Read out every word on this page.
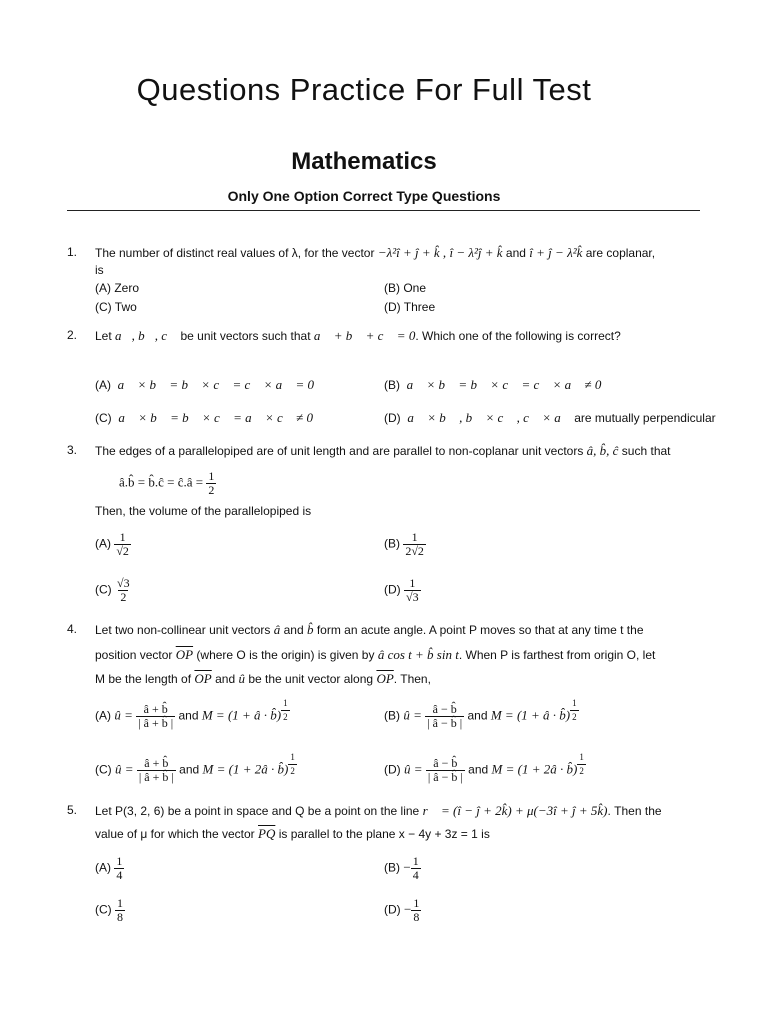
Questions Practice For Full Test
Mathematics
Only One Option Correct Type Questions
1. The number of distinct real values of λ, for the vector −λ²î + ĵ + k̂ , î − λ²ĵ + k̂ and î + ĵ − λ²k̂ are coplanar,
is
(A) Zero	(B) One
(C) Two	(D) Three
2. Let a⃗, b⃗, c⃗ be unit vectors such that a⃗ + b⃗ + c⃗ = 0. Which one of the following is correct?
(A) a⃗ × b⃗ = b⃗ × c⃗ = c⃗ × a⃗ = 0	(B) a⃗ × b⃗ = b⃗ × c⃗ = c⃗ × a⃗ ≠ 0
(C) a⃗ × b⃗ = b⃗ × c⃗ = a⃗ × c⃗ ≠ 0	(D) a⃗ × b⃗ , b⃗ × c⃗ , c⃗ × a⃗ are mutually perpendicular
3. The edges of a parallelopiped are of unit length and are parallel to non-coplanar unit vectors â, b̂, ĉ such that
â.b̂ = b̂.ĉ = ĉ.â = $\frac{1}{2}$
Then, the volume of the parallelopiped is
$(A) \frac{1}{√2}$	$(B) \frac{1}{2√2}$
$(C) \frac{√3}{2}$	$(D) \frac{1}{√3}$
4. Let two non-collinear unit vectors â and b̂ form an acute angle. A point P moves so that at any time t the
position vector $\overline{OP}$ (where O is the origin) is given by â cos t + b̂ sin t. When P is farthest from origin O, let
M be the length of $\overline{OP}$ and û be the unit vector along $\overline{OP}$. Then,
(A) û = $\frac{â + b̂}{| â + b̂ |}$ and M = (1 + â · b̂) $\frac{1}{2}$	(B) û = $\frac{â - b̂}{| â - b̂ |}$ and M = (1 + â · b̂) $\frac{1}{2}$
(C) û = $\frac{â + b̂}{| â + b̂ |}$ and M = (1 + 2â · b̂) $\frac{1}{2}$	(D) û = $\frac{â - b̂}{| â - b̂ |}$ and M = (1 + 2â · b̂) $\frac{1}{2}$
5. Let P(3, 2, 6) be a point in space and Q be a point on the line r⃗ = (î − ĵ + 2k̂) + μ(−3î + ĵ + 5k̂). Then the
value of μ for which the vector $\overline{PQ}$ is parallel to the plane x − 4y + 3z = 1 is
$(A) \frac{1}{4}$	$(B) - \frac{1}{4}$
$(C) \frac{1}{8}$	$(D) - \frac{1}{8}$
